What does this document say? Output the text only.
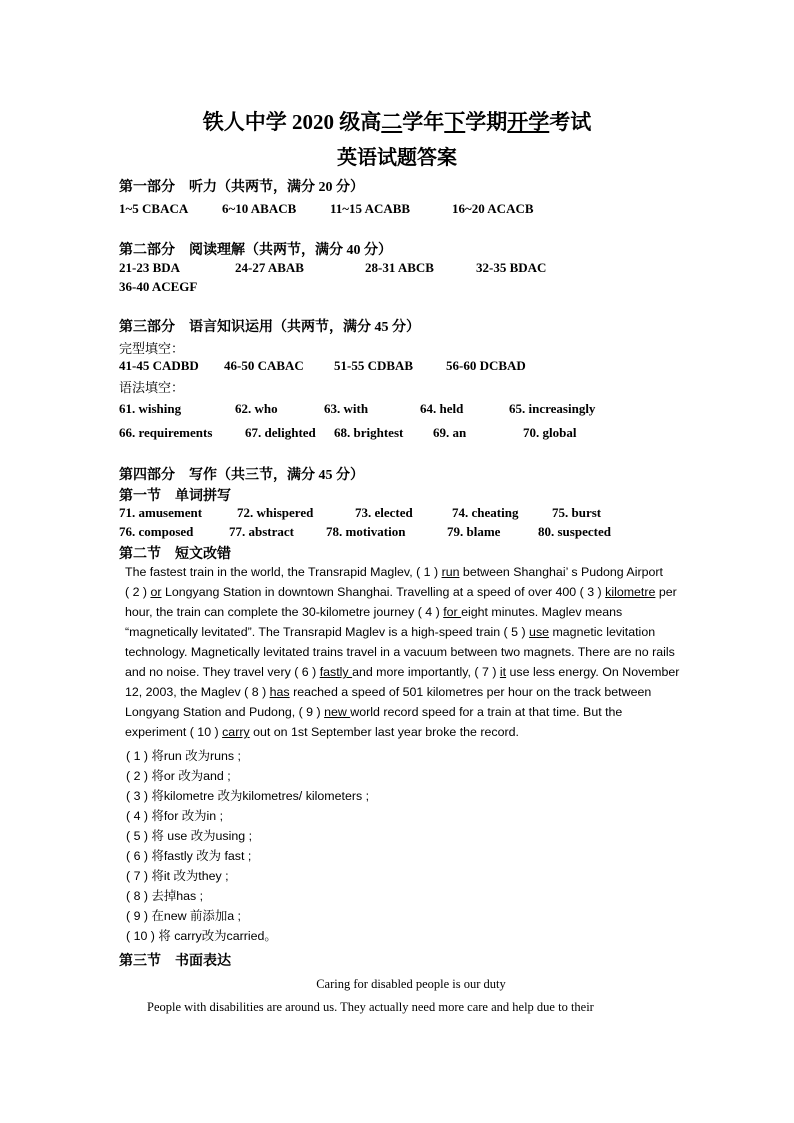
铁人中学 2020 级高二学年下学期开学考试
英语试题答案
第一部分　听力（共两节，满分 20 分）
1~5 CBACA	6~10 ABACB	11~15 ACABB	16~20 ACACB
第二部分　阅读理解（共两节，满分 40 分）
21-23 BDA	24-27 ABAB	28-31 ABCB	32-35 BDAC
36-40 ACEGF
第三部分　语言知识运用（共两节，满分 45 分）
完型填空：
41-45 CADBD 46-50 CABAC 51-55 CDBAB	56-60 DCBAD
语法填空：
61. wishing	62. who	63. with	64. held	65. increasingly
66. requirements	67. delighted 68. brightest 69. an	70. global
第四部分　写作（共三节，满分 45 分）
第一节　单词拼写
71. amusement	72. whispered	73. elected	74. cheating	75. burst
76. composed	77. abstract 78. motivation	79. blame	80. suspected
第二节　短文改错
The fastest train in the world, the Transrapid Maglev, ( 1 ) run between Shanghai’ s Pudong Airport
( 2 ) or Longyang Station in downtown Shanghai. Travelling at a speed of over 400 ( 3 ) kilometre per
hour, the train can complete the 30-kilometre journey ( 4 ) for eight minutes. Maglev means
“magnetically levitated”. The Transrapid Maglev is a high-speed train ( 5 ) use magnetic levitation
technology. Magnetically levitated trains travel in a vacuum between two magnets. There are no rails
and no noise. They travel very ( 6 ) fastly and more importantly, ( 7 ) it use less energy. On November
12, 2003, the Maglev ( 8 ) has reached a speed of 501 kilometres per hour on the track between
Longyang Station and Pudong, ( 9 ) new world record speed for a train at that time. But the
experiment ( 10 ) carry out on 1st September last year broke the record.
( 1 ) 将run 改为runs ;
( 2 ) 将or 改为and ;
( 3 ) 将kilometre 改为kilometres/ kilometers ;
( 4 ) 将for 改为in ;
( 5 ) 将 use 改为using ;
( 6 ) 将fastly 改为 fast ;
( 7 ) 将it 改为they ;
( 8 ) 去掉has ;
( 9 ) 在new 前添加a ;
( 10 ) 将 carry改为carried。
第三节　书面表达
Caring for disabled people is our duty
People with disabilities are around us. They actually need more care and help due to their
